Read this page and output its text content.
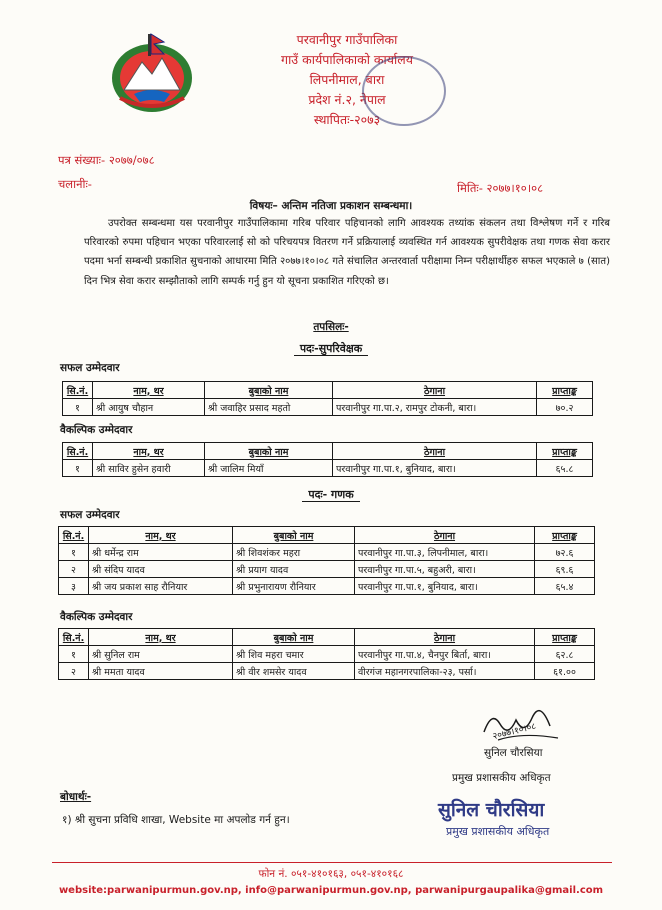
परवानीपुर गाउँपालिका
गाउँ कार्यपालिकाको कार्यालय
लिपनीमाल, बारा
प्रदेश नं.२, नेपाल
स्थापितः-२०७३
पत्र संख्याः- २०७७/०७८
चलानीः-	मितिः- २०७७।१०।०८
विषयः– अन्तिम नतिजा प्रकाशन सम्बन्धमा।
उपरोक्त सम्बन्धमा यस परवानीपुर गाउँपालिकामा गरिब परिवार पहिचानको लागि आवश्यक तथ्यांक संकलन तथा विश्लेषण गर्ने र गरिब परिवारको रुपमा पहिचान भएका परिवारलाई सो को परिचयपत्र वितरण गर्ने प्रक्रियालाई व्यवस्थित गर्न आवश्यक सुपरीवेक्षक तथा गणक सेवा करार पदमा भर्ना सम्बन्धी प्रकाशित सुचनाको आधारमा मिति २०७७।१०।०८ गते संचालित अन्तरवार्ता परीक्षामा निम्न परीक्षार्थीहरु सफल भएकाले ७ (सात) दिन भित्र सेवा करार सम्झौताको लागि सम्पर्क गर्नु हुन यो सूचना प्रकाशित गरिएको छ।
तपसिलः-
पदः-सुपरिवेक्षक
सफल उम्मेदवार
सि.नं.	नाम, थर	बुबाको नाम	ठेगाना	प्राप्ताङ्क
१	श्री आयुष चौहान	श्री जवाहिर प्रसाद महतो	परवानीपुर गा.पा.२, रामपुर टोकनी, बारा।	७०.२
वैकल्पिक उम्मेदवार
सि.नं.	नाम, थर	बुबाको नाम	ठेगाना	प्राप्ताङ्क
१	श्री साविर हुसेन हवारी	श्री जालिम मियाँ	परवानीपुर गा.पा.१, बुनियाद, बारा।	६५.८
पदः- गणक
सफल उम्मेदवार
सि.नं.	नाम, थर	बुबाको नाम	ठेगाना	प्राप्ताङ्क
१	श्री धर्मेन्द्र राम	श्री शिवशंकर महरा	परवानीपुर गा.पा.३, लिपनीमाल, बारा।	७२.६
२	श्री संदिप यादव	श्री प्रयाग यादव	परवानीपुर गा.पा.५, बहुअरी, बारा।	६९.६
३	श्री जय प्रकाश साह रौनियार	श्री प्रभुनारायण रौनियार	परवानीपुर गा.पा.१, बुनियाद, बारा।	६५.४
वैकल्पिक उम्मेदवार
सि.नं.	नाम, थर	बुबाको नाम	ठेगाना	प्राप्ताङ्क
१	श्री सुनिल राम	श्री शिव महरा चमार	परवानीपुर गा.पा.४, चैनपुर बिर्ता, बारा।	६२.८
२	श्री ममता यादव	श्री वीर शमसेर यादव	वीरगंज महानगरपालिका-२३, पर्सा।	६१.००
२०७७।१०।०८
सुनिल चौरसिया
प्रमुख प्रशासकीय अधिकृत
सुनिल चौरसिया
प्रमुख प्रशासकीय अधिकृत
बोधार्थः-
१) श्री सुचना प्रविधि शाखा, Website मा अपलोड गर्न हुन।
फोन नं. ०५१-४१०१६३, ०५१-४१०१६८
website:parwanipurmun.gov.np, info@parwanipurmun.gov.np, parwanipurgaupalika@gmail.com
